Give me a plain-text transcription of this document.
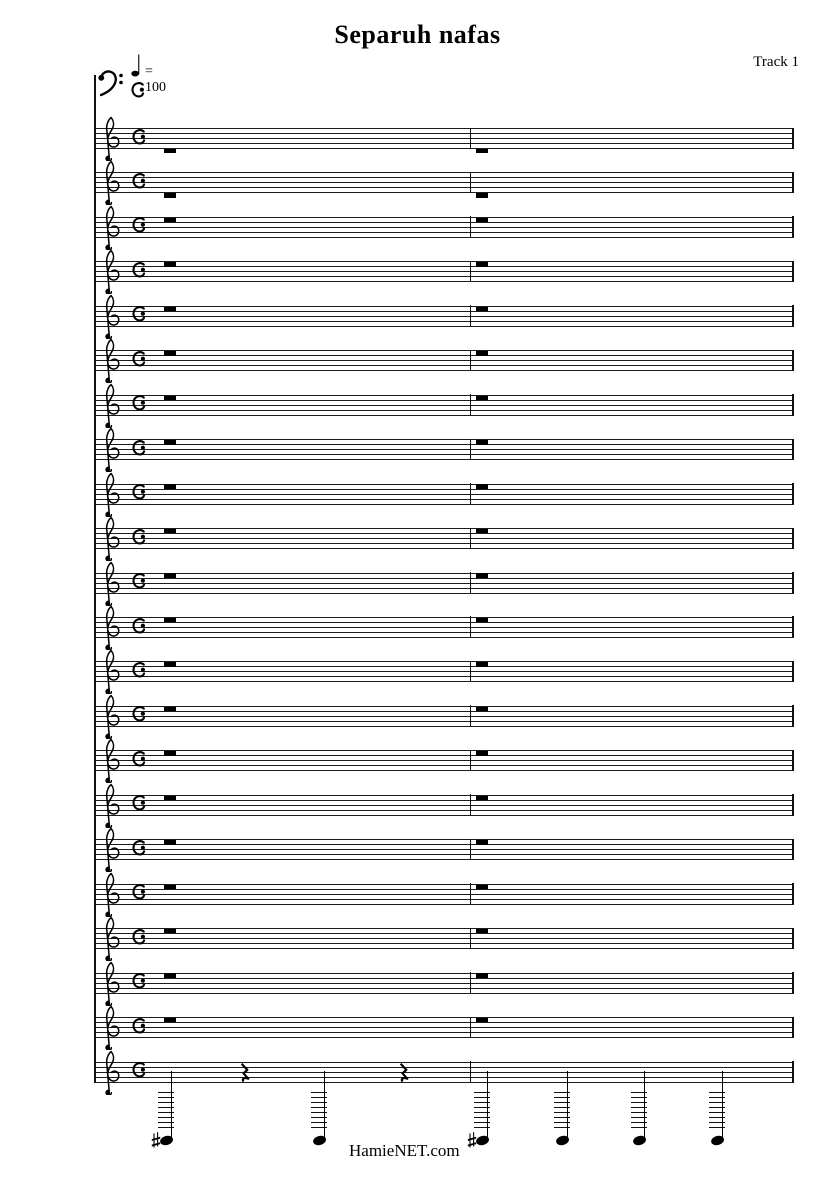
Separuh nafas
Track 1
= 100
HamieNET.com
